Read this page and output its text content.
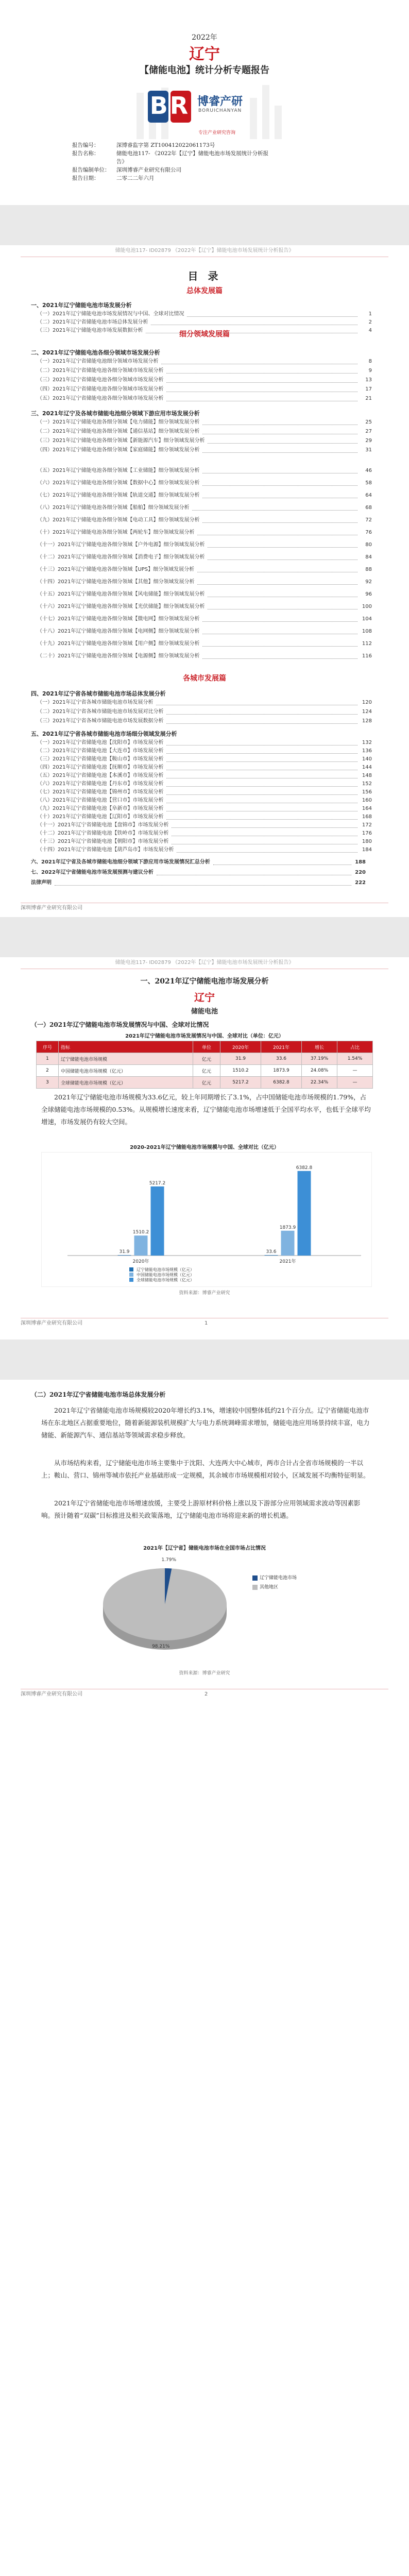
2022年
辽宁
【储能电池】统计分析专题报告
BR 博睿产研
BORUICHANYAN
专注产业研究咨询
报告编号：	深博睿监字第 ZT100412022061173号
报告名称：	储能电池117- 《2022年【辽宁】储能电池市场发展统计分析报告》
报告编制单位： 深圳博睿产业研究有限公司
报告日期：	二零二二年六月
储能电池117- ID02879 《2022年【辽宁】储能电池市场发展统计分析报告》
目 录
总体发展篇
一、2021年辽宁储能电池市场发展分析
（一）2021年辽宁储能电池市场发展情况与中国、全球对比情况	1
（二）2021年辽宁省储能电池市场总体发展分析	2
（三）2021年辽宁储能电池市场发展数据分析	4
二、2021年辽宁储能电池各细分领域市场发展分析
细分领域发展篇
（一）2021年辽宁省储能电池细分领域市场发展分析	8
（二）2021年辽宁省储能电池各细分领域市场发展分析	9
（三）2021年辽宁省储能电池各细分领域市场发展分析	13
（四）2021年辽宁省储能电池各细分领域市场发展分析	17
（五）2021年辽宁省储能电池各细分领域市场发展分析	21
三、2021年辽宁及各城市储能电池细分领域下游应用市场发展分析
（一）2021年辽宁储能电池各细分领域【电力储能】细分领域发展分析	25
（二）2021年辽宁储能电池各细分领域【通信基站】细分领域发展分析	27
（三）2021年辽宁储能电池各细分领域【新能源汽车】细分领域发展分析	29
（四）2021年辽宁储能电池各细分领域【家庭储能】细分领域发展分析	31
（五）2021年辽宁储能电池各细分领域【工业储能】细分领域发展分析	46
（六）2021年辽宁储能电池各细分领域【数据中心】细分领域发展分析	58
（七）2021年辽宁储能电池各细分领域【轨道交通】细分领域发展分析	64
（八）2021年辽宁储能电池各细分领域【船舶】细分领域发展分析	68
（九）2021年辽宁储能电池各细分领域【电动工具】细分领域发展分析	72
（十）2021年辽宁储能电池各细分领域【两轮车】细分领域发展分析	76
（十一）2021年辽宁储能电池各细分领域【户外电源】细分领域发展分析	80
（十二）2021年辽宁储能电池各细分领域【消费电子】细分领域发展分析	84
（十三）2021年辽宁储能电池各细分领域【UPS】细分领域发展分析	88
（十四）2021年辽宁储能电池各细分领域【其他】细分领域发展分析	92
（十五）2021年辽宁储能电池各细分领域【风电储能】细分领域发展分析	96
（十六）2021年辽宁储能电池各细分领域【光伏储能】细分领域发展分析	100
（十七）2021年辽宁储能电池各细分领域【微电网】细分领域发展分析	104
（十八）2021年辽宁储能电池各细分领域【电网侧】细分领域发展分析	108
（十九）2021年辽宁储能电池各细分领域【用户侧】细分领域发展分析	112
（二十）2021年辽宁储能电池各细分领域【电源侧】细分领域发展分析	116
各城市发展篇
四、2021年辽宁省各城市储能电池市场总体发展分析
（一）2021年辽宁省各城市储能电池市场发展分析	120
（二）2021年辽宁省各城市储能电池市场发展对比分析	124
（三）2021年辽宁省各城市储能电池市场发展数据分析	128
五、2021年辽宁省各城市储能电池市场细分领域发展分析
（一）2021年辽宁省储能电池【沈阳市】市场发展分析	132
（二）2021年辽宁省储能电池【大连市】市场发展分析	136
（三）2021年辽宁省储能电池【鞍山市】市场发展分析	140
（四）2021年辽宁省储能电池【抚顺市】市场发展分析	144
（五）2021年辽宁省储能电池【本溪市】市场发展分析	148
（六）2021年辽宁省储能电池【丹东市】市场发展分析	152
（七）2021年辽宁省储能电池【锦州市】市场发展分析	156
（八）2021年辽宁省储能电池【营口市】市场发展分析	160
（九）2021年辽宁省储能电池【阜新市】市场发展分析	164
（十）2021年辽宁省储能电池【辽阳市】市场发展分析	168
（十一）2021年辽宁省储能电池【盘锦市】市场发展分析	172
（十二）2021年辽宁省储能电池【铁岭市】市场发展分析	176
（十三）2021年辽宁省储能电池【朝阳市】市场发展分析	180
（十四）2021年辽宁省储能电池【葫芦岛市】市场发展分析	184
六、2021年辽宁省及各城市储能电池细分领域下游应用市场发展情况汇总分析	188
七、2022年辽宁省储能电池市场发展预测与建议分析	220
法律声明	222
深圳博睿产业研究有限公司
储能电池117- ID02879 《2022年【辽宁】储能电池市场发展统计分析报告》
一、2021年辽宁储能电池市场发展分析
辽宁
储能电池
（一）2021年辽宁储能电池市场发展情况与中国、全球对比情况
2021年辽宁储能电池市场发展情况与中国、全球对比（单位：亿元）
序号	指标	单位	2020年	2021年	增长	占比
1	辽宁储能电池市场规模	亿元	31.9	33.6	37.19%	1.54%
2	中国储能电池市场规模（亿元）	亿元	1510.2	1873.9	24.08%	—
3	全球储能电池市场规模（亿元）	亿元	5217.2	6382.8	22.34%	—
2021年辽宁储能电池市场规模为33.6亿元，较上年同期增长了3.1%，占中国储能电池市场规模的1.79%，占全球储能电池市场规模的0.53%。从规模增长速度来看，辽宁储能电池市场增速低于全国平均水平，也低于全球平均增速，市场发展仍有较大空间。
2020-2021年辽宁储能电池市场规模与中国、全球对比（亿元）
31.9
1510.2
5217.2
2020年
33.6
1873.9
6382.8
2021年
辽宁储能电池市场规模（亿元）
中国储能电池市场规模（亿元）
全球储能电池市场规模（亿元）
资料来源：博睿产业研究
深圳博睿产业研究有限公司	1
（二）2021年辽宁省储能电池市场总体发展分析
2021年辽宁省储能电池市场规模较2020年增长约3.1%，增速较中国整体低约21个百分点。辽宁省储能电池市场在东北地区占据重要地位，随着新能源装机规模扩大与电力系统调峰需求增加，储能电池应用场景持续丰富，电力储能、新能源汽车、通信基站等领域需求稳步释放。
从市场结构来看，辽宁储能电池市场主要集中于沈阳、大连两大中心城市，两市合计占全省市场规模的一半以上；鞍山、营口、锦州等城市依托产业基础形成一定规模，其余城市市场规模相对较小，区域发展不均衡特征明显。
2021年辽宁省储能电池市场增速放缓，主要受上游原材料价格上涨以及下游部分应用领域需求波动等因素影响。预计随着“双碳”目标推进及相关政策落地，辽宁储能电池市场将迎来新的增长机遇。
2021年【辽宁省】储能电池市场在全国市场占比情况
1.79%
98.21%
辽宁储能电池市场
其他地区
资料来源：博睿产业研究
深圳博睿产业研究有限公司	2
